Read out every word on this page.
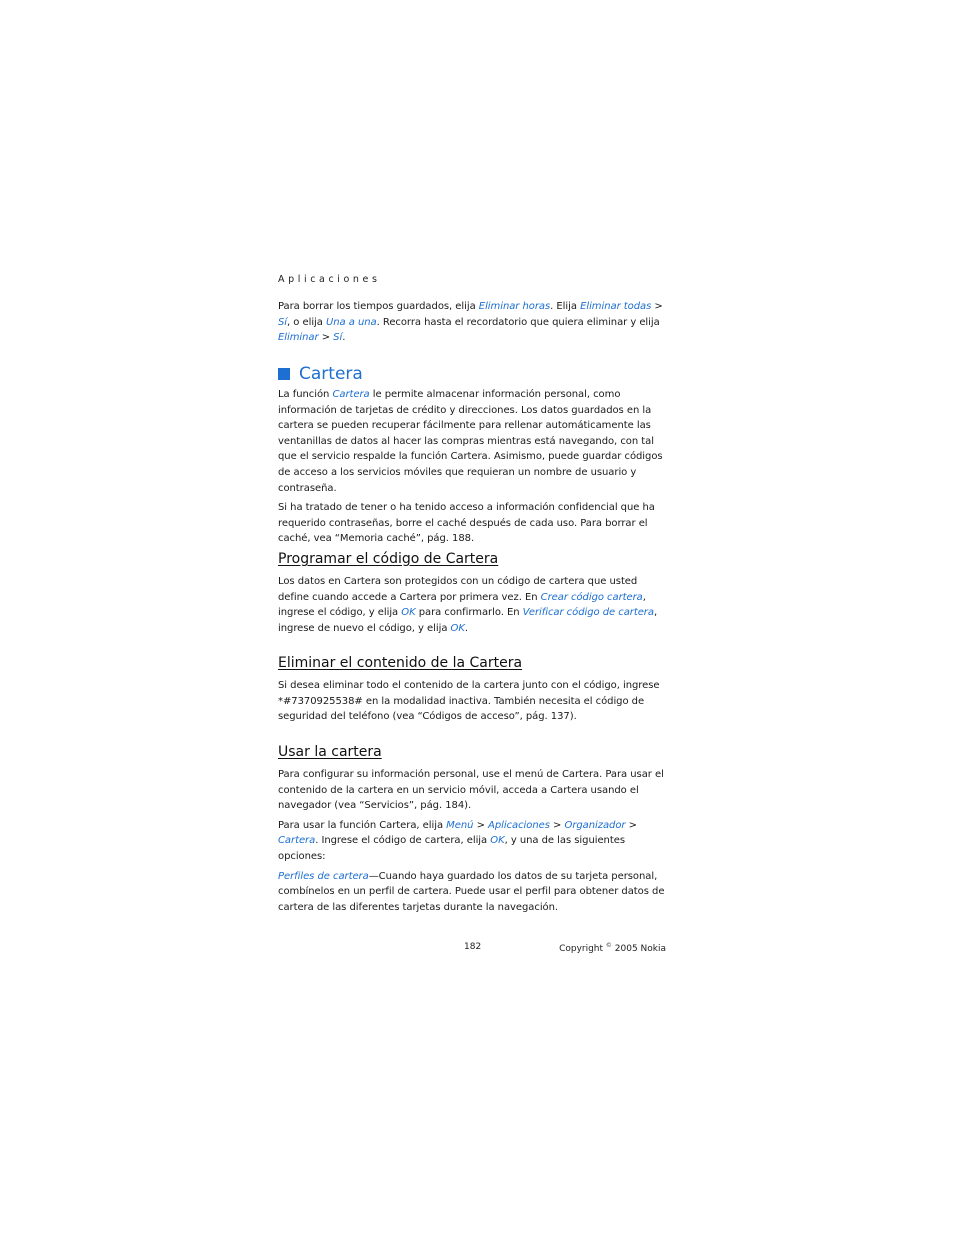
Aplicaciones

Para borrar los tiempos guardados, elija Eliminar horas. Elija Eliminar todas > Sí, o elija Una a una. Recorra hasta el recordatorio que quiera eliminar y elija Eliminar > Sí.

Cartera

La función Cartera le permite almacenar información personal, como información de tarjetas de crédito y direcciones. Los datos guardados en la cartera se pueden recuperar fácilmente para rellenar automáticamente las ventanillas de datos al hacer las compras mientras está navegando, con tal que el servicio respalde la función Cartera. Asimismo, puede guardar códigos de acceso a los servicios móviles que requieran un nombre de usuario y contraseña.

Si ha tratado de tener o ha tenido acceso a información confidencial que ha requerido contraseñas, borre el caché después de cada uso. Para borrar el caché, vea “Memoria caché”, pág. 188.

Programar el código de Cartera

Los datos en Cartera son protegidos con un código de cartera que usted define cuando accede a Cartera por primera vez. En Crear código cartera, ingrese el código, y elija OK para confirmarlo. En Verificar código de cartera, ingrese de nuevo el código, y elija OK.

Eliminar el contenido de la Cartera

Si desea eliminar todo el contenido de la cartera junto con el código, ingrese *#7370925538# en la modalidad inactiva. También necesita el código de seguridad del teléfono (vea “Códigos de acceso”, pág. 137).

Usar la cartera

Para configurar su información personal, use el menú de Cartera. Para usar el contenido de la cartera en un servicio móvil, acceda a Cartera usando el navegador (vea “Servicios”, pág. 184).

Para usar la función Cartera, elija Menú > Aplicaciones > Organizador > Cartera. Ingrese el código de cartera, elija OK, y una de las siguientes opciones:

Perfiles de cartera—Cuando haya guardado los datos de su tarjeta personal, combínelos en un perfil de cartera. Puede usar el perfil para obtener datos de cartera de las diferentes tarjetas durante la navegación.

182	Copyright © 2005 Nokia
